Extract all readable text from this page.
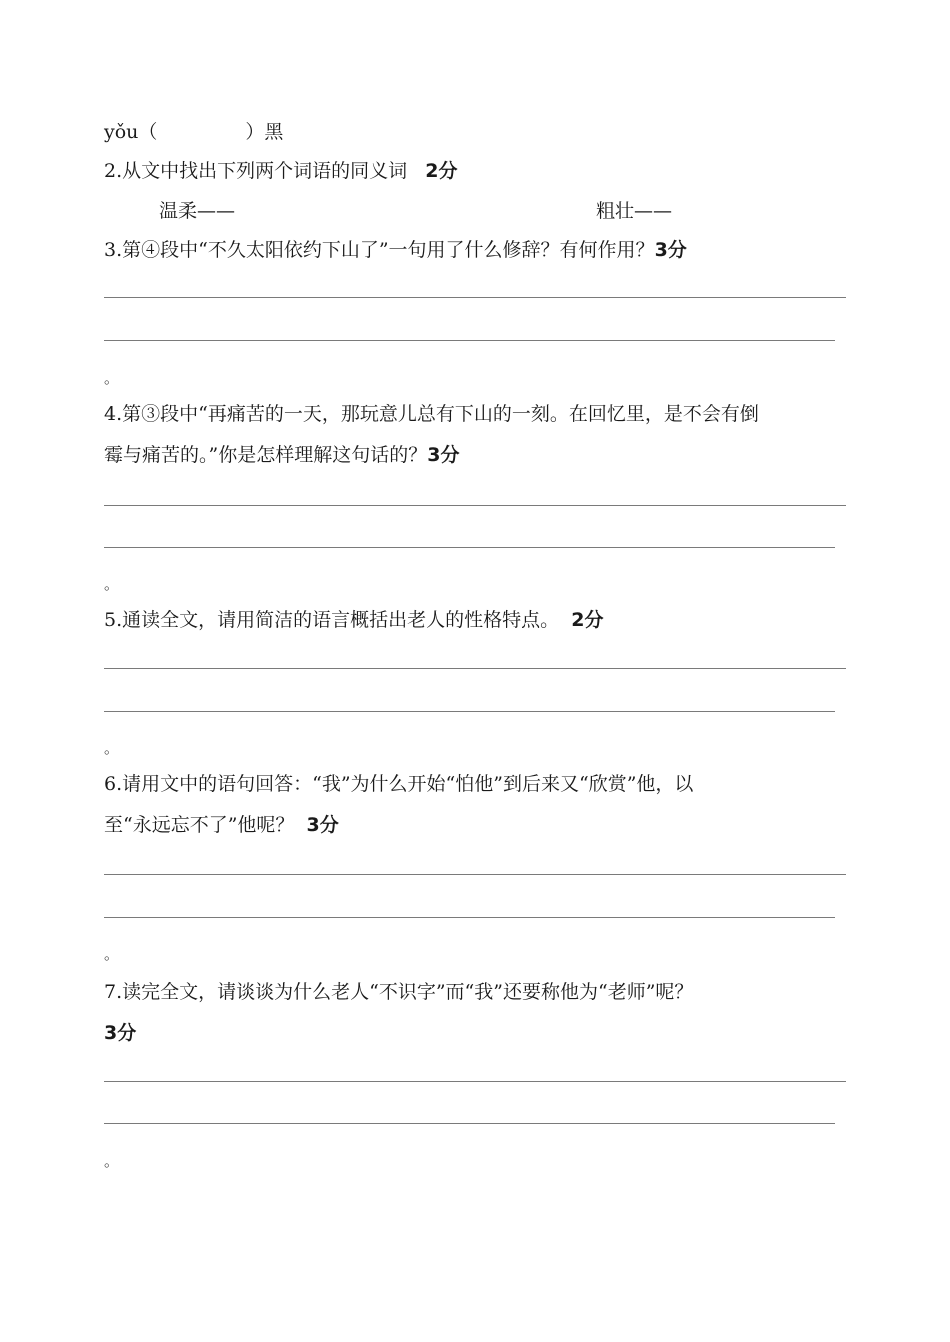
yǒu（	）黑
2.从文中找出下列两个词语的同义词 2分
温柔——	粗壮——
3.第④段中“不久太阳依约下山了”一句用了什么修辞？有何作用？3分
。
4.第③段中“再痛苦的一天，那玩意儿总有下山的一刻。在回忆里，是不会有倒
霉与痛苦的。”你是怎样理解这句话的？3分
。
5.通读全文，请用简洁的语言概括出老人的性格特点。 2分
。
6.请用文中的语句回答：“我”为什么开始“怕他”到后来又“欣赏”他，以
至“永远忘不了”他呢？ 3分
。
7.读完全文，请谈谈为什么老人“不识字”而“我”还要称他为“老师”呢？
3分
。
